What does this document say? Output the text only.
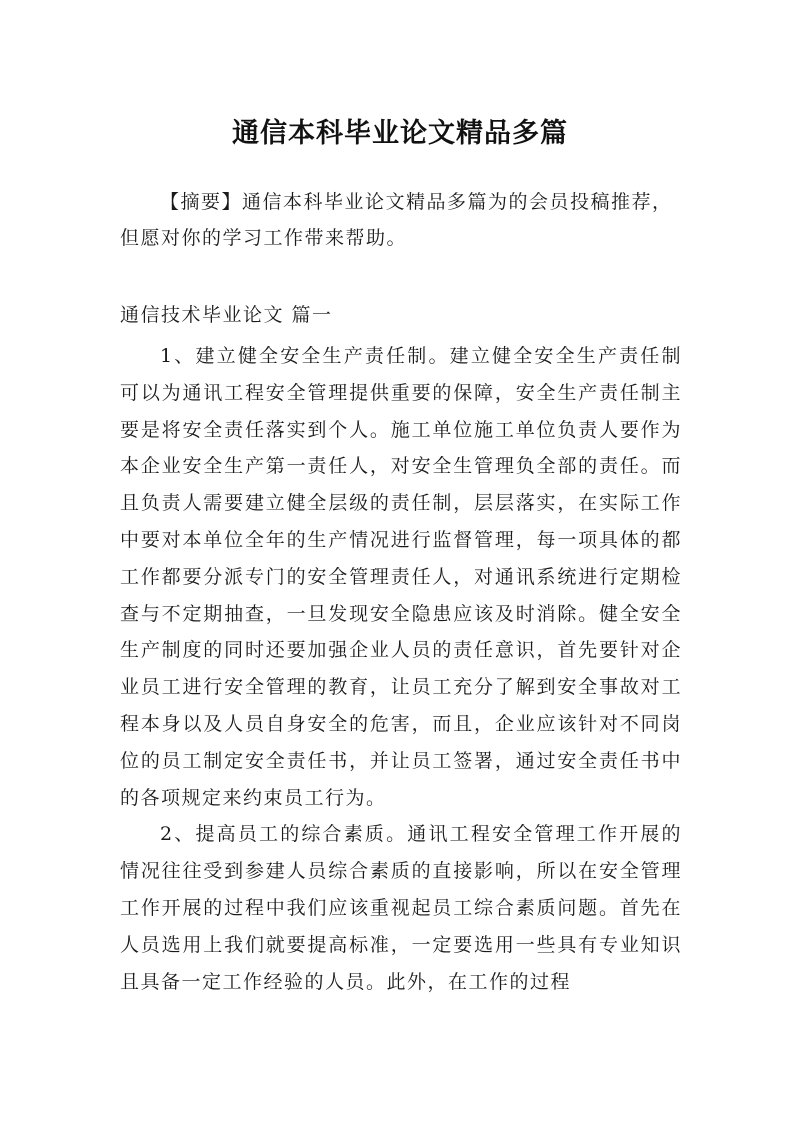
通信本科毕业论文精品多篇

【摘要】通信本科毕业论文精品多篇为的会员投稿推荐，但愿对你的学习工作带来帮助。

通信技术毕业论文 篇一

1、建立健全安全生产责任制。建立健全安全生产责任制可以为通讯工程安全管理提供重要的保障，安全生产责任制主要是将安全责任落实到个人。施工单位施工单位负责人要作为本企业安全生产第一责任人，对安全生管理负全部的责任。而且负责人需要建立健全层级的责任制，层层落实，在实际工作中要对本单位全年的生产情况进行监督管理，每一项具体的都工作都要分派专门的安全管理责任人，对通讯系统进行定期检查与不定期抽查，一旦发现安全隐患应该及时消除。健全安全生产制度的同时还要加强企业人员的责任意识，首先要针对企业员工进行安全管理的教育，让员工充分了解到安全事故对工程本身以及人员自身安全的危害，而且，企业应该针对不同岗位的员工制定安全责任书，并让员工签署，通过安全责任书中的各项规定来约束员工行为。

2、提高员工的综合素质。通讯工程安全管理工作开展的情况往往受到参建人员综合素质的直接影响，所以在安全管理工作开展的过程中我们应该重视起员工综合素质问题。首先在人员选用上我们就要提高标准，一定要选用一些具有专业知识且具备一定工作经验的人员。此外，在工作的过程
